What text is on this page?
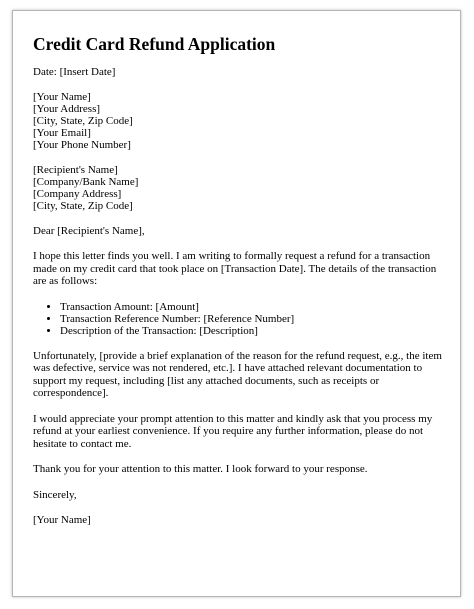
Credit Card Refund Application
Date: [Insert Date]
[Your Name]
[Your Address]
[City, State, Zip Code]
[Your Email]
[Your Phone Number]
[Recipient's Name]
[Company/Bank Name]
[Company Address]
[City, State, Zip Code]
Dear [Recipient's Name],
I hope this letter finds you well. I am writing to formally request a refund for a transaction made on my credit card that took place on [Transaction Date]. The details of the transaction are as follows:
• Transaction Amount: [Amount]
• Transaction Reference Number: [Reference Number]
• Description of the Transaction: [Description]
Unfortunately, [provide a brief explanation of the reason for the refund request, e.g., the item was defective, service was not rendered, etc.]. I have attached relevant documentation to support my request, including [list any attached documents, such as receipts or correspondence].
I would appreciate your prompt attention to this matter and kindly ask that you process my refund at your earliest convenience. If you require any further information, please do not hesitate to contact me.
Thank you for your attention to this matter. I look forward to your response.
Sincerely,
[Your Name]
